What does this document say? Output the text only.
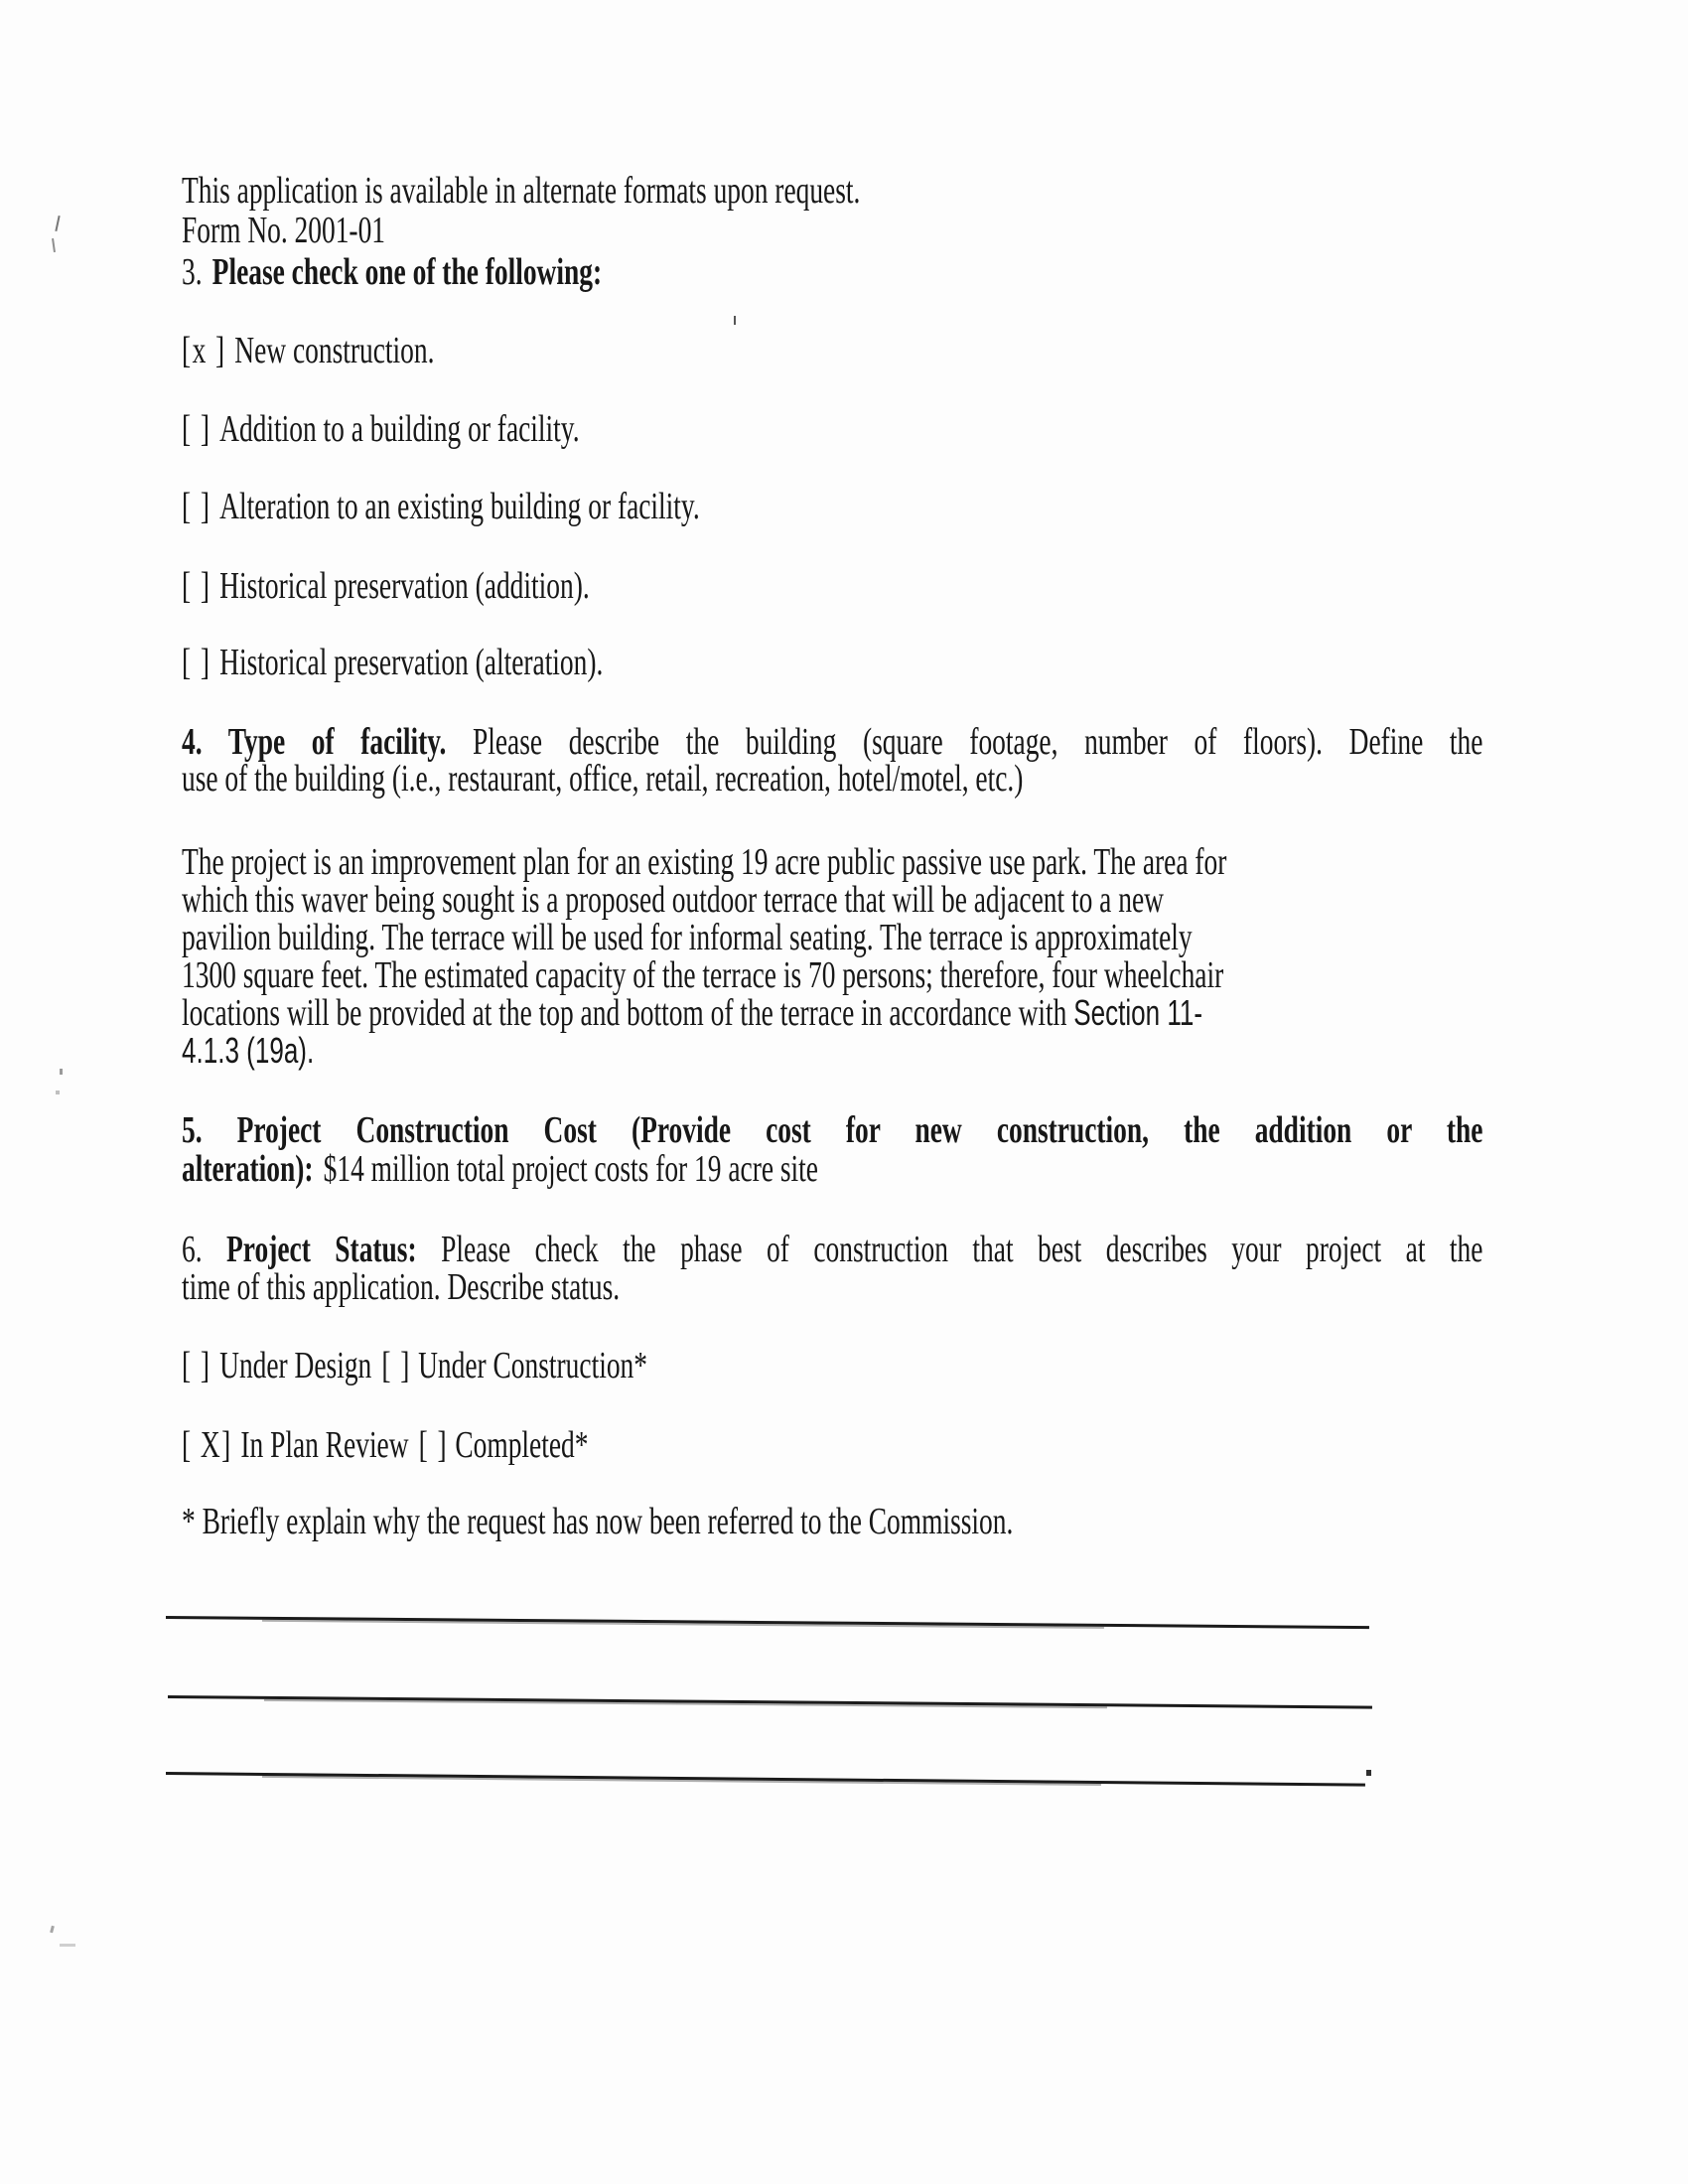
This application is available in alternate formats upon request.
Form No. 2001-01
3. Please check one of the following:
[x ] New construction.
[ ] Addition to a building or facility.
[ ] Alteration to an existing building or facility.
[ ] Historical preservation (addition).
[ ] Historical preservation (alteration).
4. Type of facility. Please describe the building (square footage, number of floors). Define the
use of the building (i.e., restaurant, office, retail, recreation, hotel/motel, etc.)
The project is an improvement plan for an existing 19 acre public passive use park. The area for
which this waver being sought is a proposed outdoor terrace that will be adjacent to a new
pavilion building. The terrace will be used for informal seating. The terrace is approximately
1300 square feet. The estimated capacity of the terrace is 70 persons; therefore, four wheelchair
locations will be provided at the top and bottom of the terrace in accordance with Section 11-
4.1.3 (19a).
5. Project Construction Cost (Provide cost for new construction, the addition or the
alteration): $14 million total project costs for 19 acre site
6. Project Status: Please check the phase of construction that best describes your project at the
time of this application. Describe status.
[ ] Under Design [ ] Under Construction*
[ X] In Plan Review [ ] Completed*
* Briefly explain why the request has now been referred to the Commission.
